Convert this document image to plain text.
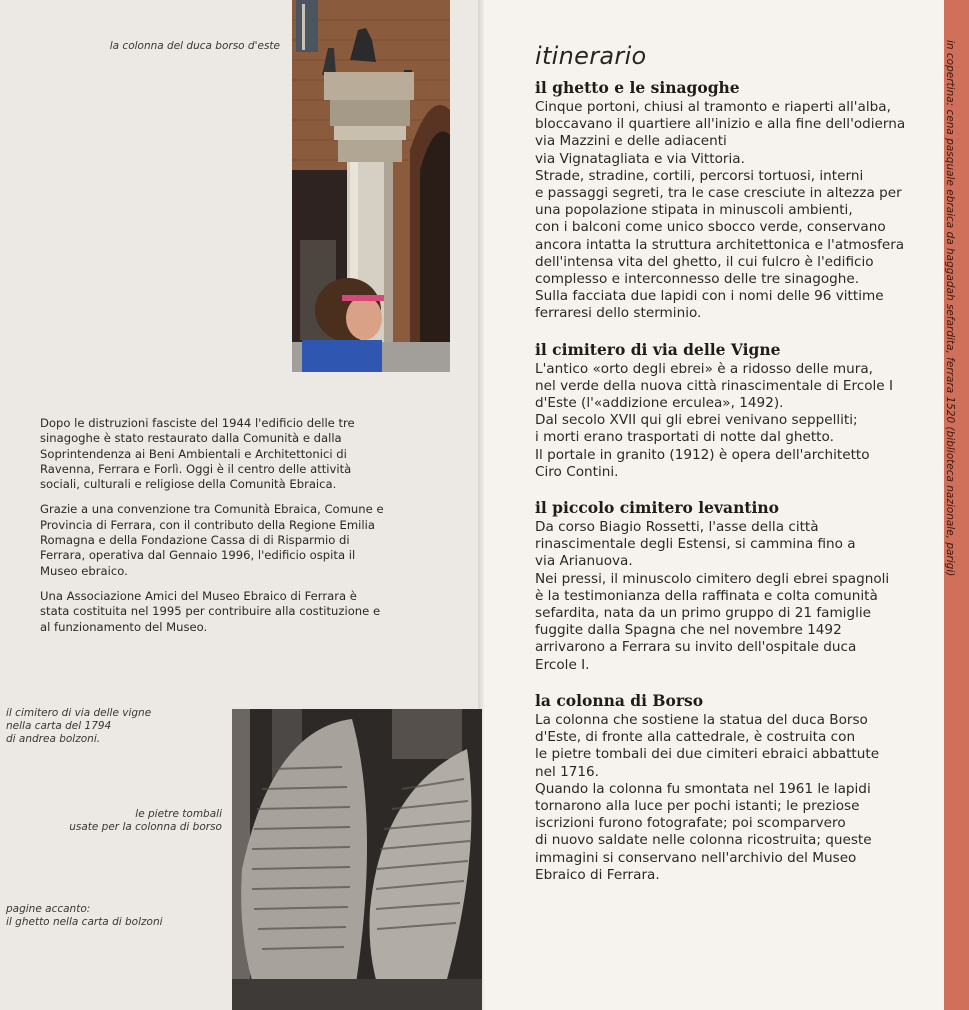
la colonna del duca borso d'este

Dopo le distruzioni fasciste del 1944 l'edificio delle tre sinagoghe è stato restaurato dalla Comunità e dalla Soprintendenza ai Beni Ambientali e Architettonici di Ravenna, Ferrara e Forlì. Oggi è il centro delle attività sociali, culturali e religiose della Comunità Ebraica.

Grazie a una convenzione tra Comunità Ebraica, Comune e Provincia di Ferrara, con il contributo della Regione Emilia Romagna e della Fondazione Cassa di di Risparmio di Ferrara, operativa dal Gennaio 1996, l'edificio ospita il Museo ebraico.

Una Associazione Amici del Museo Ebraico di Ferrara è stata costituita nel 1995 per contribuire alla costituzione e al funzionamento del Museo.

il cimitero di via delle vigne
nella carta del 1794
di andrea bolzoni.
le pietre tombali
usate per la colonna di borso
pagine accanto:
il ghetto nella carta di bolzoni
itinerario
il ghetto e le sinagoghe
Cinque portoni, chiusi al tramonto e riaperti all'alba,
bloccavano il quartiere all'inizio e alla fine dell'odierna
via Mazzini e delle adiacenti
via Vignatagliata e via Vittoria.
Strade, stradine, cortili, percorsi tortuosi, interni
e passaggi segreti, tra le case cresciute in altezza per
una popolazione stipata in minuscoli ambienti,
con i balconi come unico sbocco verde, conservano
ancora intatta la struttura architettonica e l'atmosfera
dell'intensa vita del ghetto, il cui fulcro è l'edificio
complesso e interconnesso delle tre sinagoghe.
Sulla facciata due lapidi con i nomi delle 96 vittime
ferraresi dello sterminio.
il cimitero di via delle Vigne
L'antico «orto degli ebrei» è a ridosso delle mura,
nel verde della nuova città rinascimentale di Ercole I
d'Este (l'«addizione erculea», 1492).
Dal secolo XVII qui gli ebrei venivano seppelliti;
i morti erano trasportati di notte dal ghetto.
Il portale in granito (1912) è opera dell'architetto
Ciro Contini.
il piccolo cimitero levantino
Da corso Biagio Rossetti, l'asse della città
rinascimentale degli Estensi, si cammina fino a
via Arianuova.
Nei pressi, il minuscolo cimitero degli ebrei spagnoli
è la testimonianza della raffinata e colta comunità
sefardita, nata da un primo gruppo di 21 famiglie
fuggite dalla Spagna che nel novembre 1492
arrivarono a Ferrara su invito dell'ospitale duca
Ercole I.
la colonna di Borso
La colonna che sostiene la statua del duca Borso
d'Este, di fronte alla cattedrale, è costruita con
le pietre tombali dei due cimiteri ebraici abbattute
nel 1716.
Quando la colonna fu smontata nel 1961 le lapidi
tornarono alla luce per pochi istanti; le preziose
iscrizioni furono fotografate; poi scomparvero
di nuovo saldate nelle colonna ricostruita; queste
immagini si conservano nell'archivio del Museo
Ebraico di Ferrara.
in copertina: cena pasquale ebraica da haggadah sefardita, ferrara 1520 (biblioteca nazionale, parigi)
